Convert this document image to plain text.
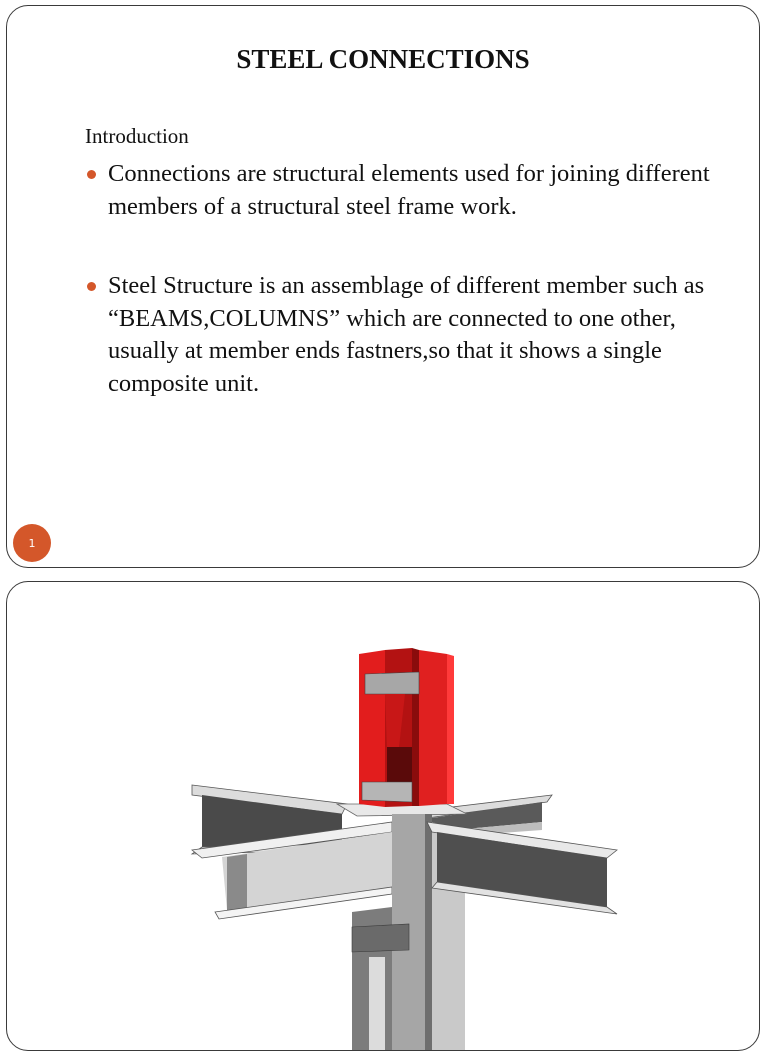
STEEL CONNECTIONS
Introduction
Connections are structural elements used for joining different members of a structural steel frame work.
Steel Structure is an assemblage of different member such as “BEAMS,COLUMNS” which are connected to one other, usually at member ends fastners,so that it shows a single composite unit.
1
